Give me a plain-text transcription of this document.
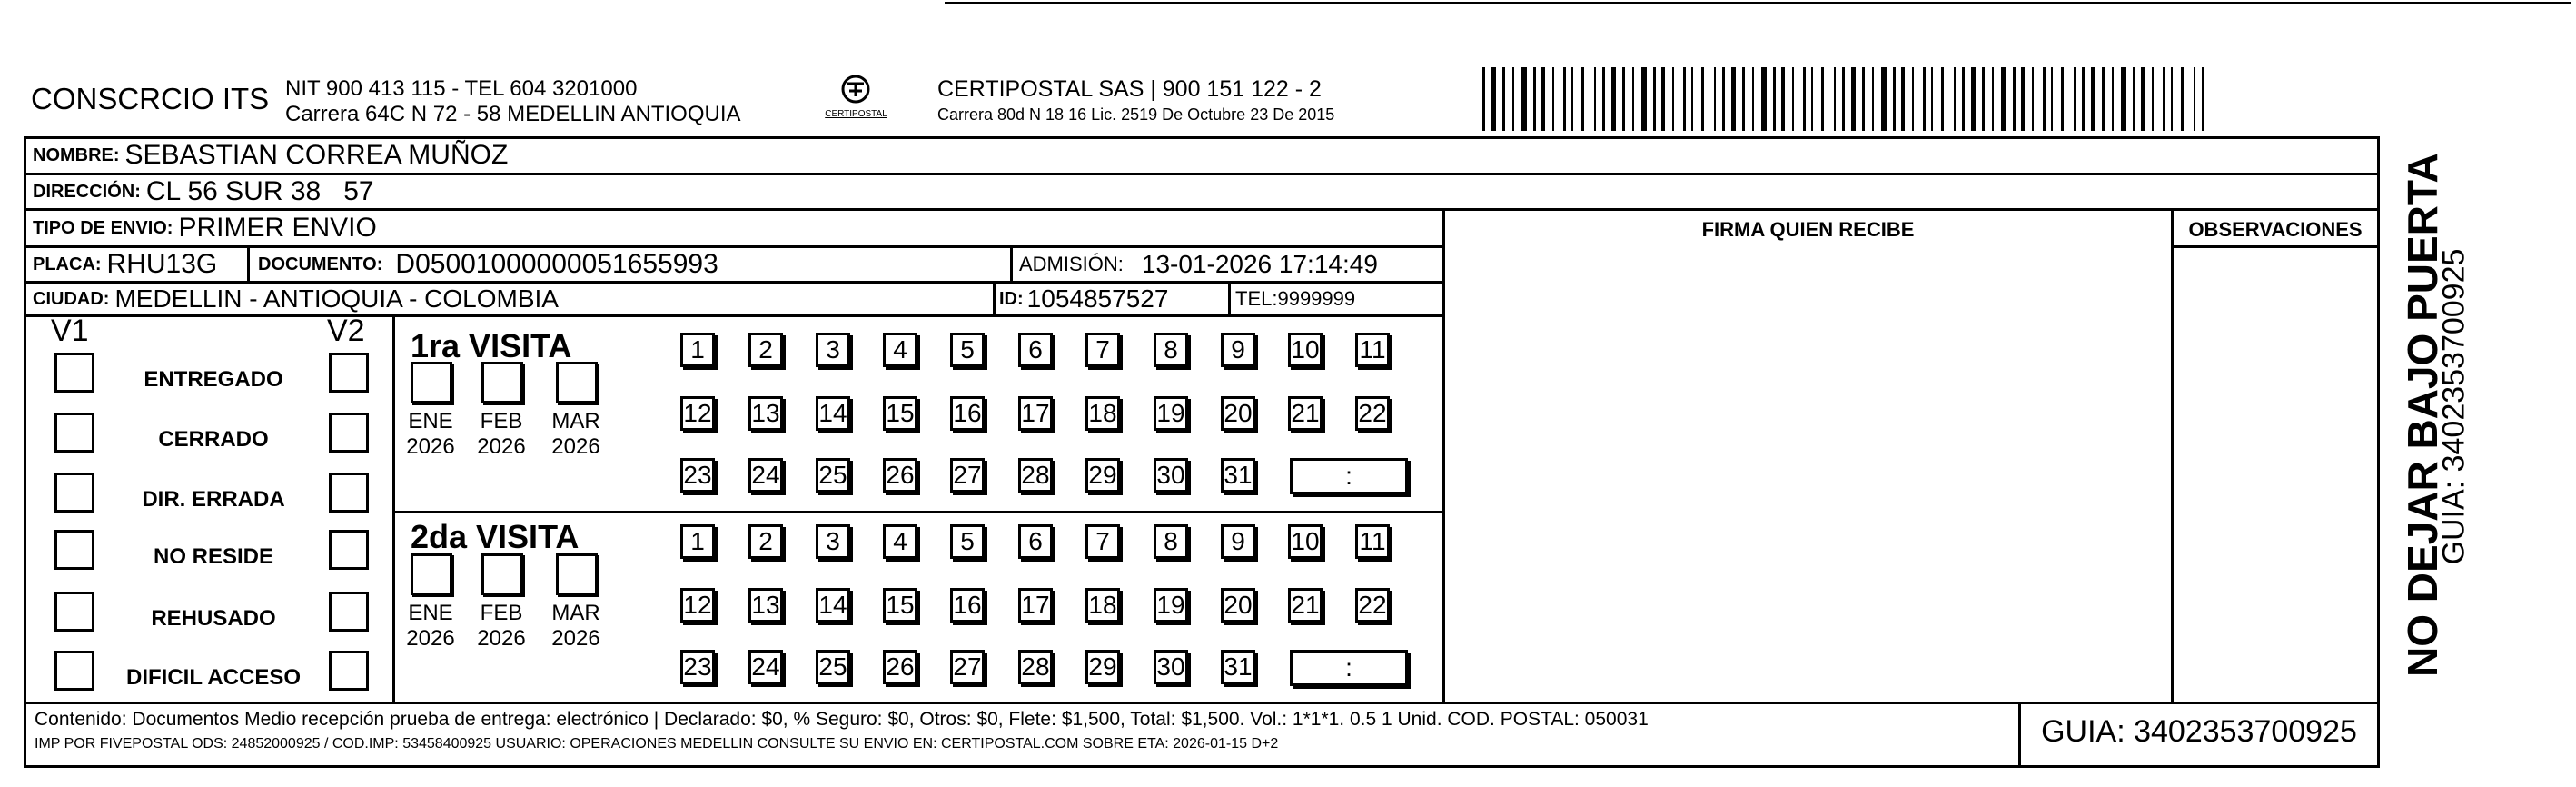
CONSCRCIO ITS NIT 900 413 115 - TEL 604 3201000
Carrera 64C N 72 - 58 MEDELLIN ANTIOQUIA	CERTIPOSTAL
CERTIPOSTAL SAS | 900 151 122 - 2
Carrera 80d N 18 16 Lic. 2519 De Octubre 23 De 2015
NOMBRE: SEBASTIAN CORREA MUÑOZ
DIRECCIÓN: CL 56 SUR 38   57
TIPO DE ENVIO: PRIMER ENVIO	FIRMA QUIEN RECIBE	OBSERVACIONES
PLACA: RHU13G DOCUMENTO: D05001000000051655993	ADMISIÓN: 13-01-2026 17:14:49
CIUDAD: MEDELLIN - ANTIOQUIA - COLOMBIA	ID: 1054857527	TEL: 9999999
V1	V2
ENTREGADO
CERRADO
DIR. ERRADA
NO RESIDE
REHUSADO
DIFICIL ACCESO
1ra VISITA
2da VISITA
1	2	3	4	5	6	7	8	9	10 11
12 13 14 15 16 17 18 19 20 21 22
23 24 25 26 27 28 29 30 31	:
ENE
2026
FEB
2026
MAR
2026
1	2	3	4	5	6	7	8	9	10 11
12 13 14 15 16 17 18 19 20 21 22
23 24 25 26 27 28 29 30 31	:
ENE
2026
FEB
2026
MAR
2026
Contenido: Documentos Medio recepción prueba de entrega: electrónico | Declarado: $0, % Seguro: $0, Otros: $0, Flete: $1,500, Total: $1,500. Vol.: 1*1*1. 0.5 1 Unid. COD. POSTAL: 050031
IMP POR FIVEPOSTAL ODS: 24852000925 / COD.IMP: 53458400925 USUARIO: OPERACIONES MEDELLIN CONSULTE SU ENVIO EN: CERTIPOSTAL.COM SOBRE ETA: 2026-01-15 D+2	GUIA: 3402353700925
NO DEJAR BAJO PUERTA
GUIA: 3402353700925
